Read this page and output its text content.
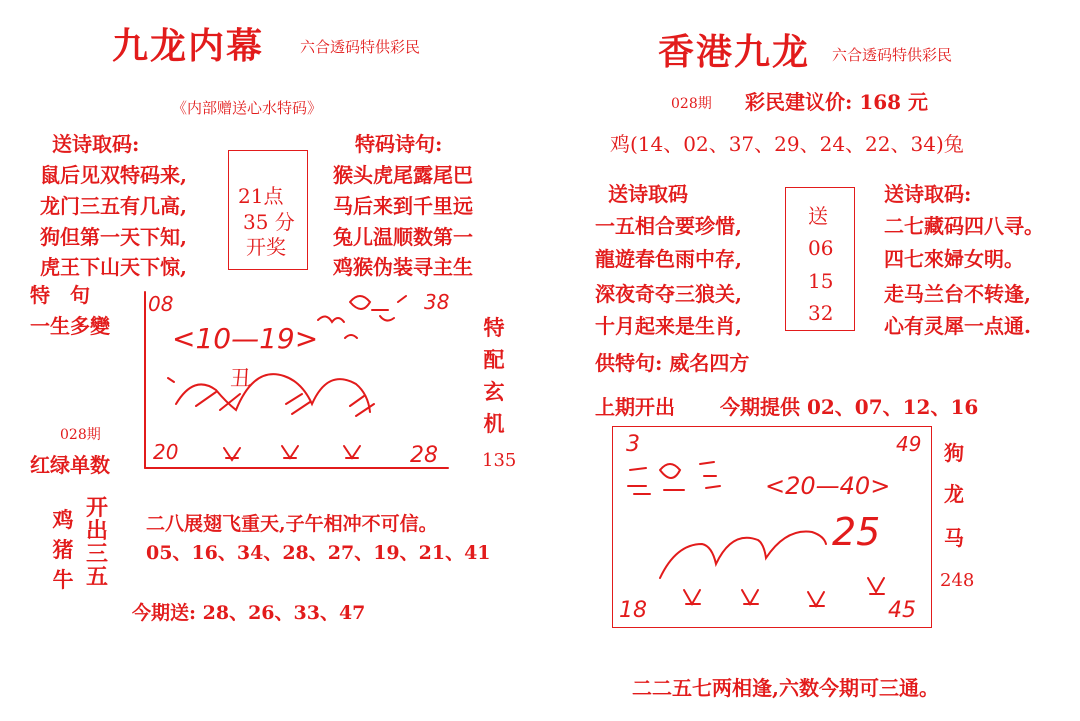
九龙内幕 六合透码特供彩民
《内部赠送心水特码》
送诗取码:
鼠后见双特码来,
龙门三五有几高,
狗但第一天下知,
虎王下山天下惊,
21点
35 分
开奖
特码诗句:
猴头虎尾露尾巴
马后来到千里远
兔儿温顺数第一
鸡猴伪装寻主生
特　句
一生多變	特
配
玄
机
028期
红绿单数	135
08	38
<10—19>
丑
20	28
开
出
三
五
鸡
猪
牛
二八展翅飞重天,子午相冲不可信。
05、16、34、28、27、19、21、41
今期送: 28、26、33、47
香港九龙 六合透码特供彩民
028期 彩民建议价: 168 元
鸡(14、02、37、29、24、22、34)兔
送诗取码
一五相合要珍惜,
龍遊春色雨中存,
深夜奇夺三狼关,
十月起来是生肖,
送
06
15
32
送诗取码:
二七藏码四八寻。
四七來婦女明。
走马兰台不转逢,
心有灵犀一点通.
供特句: 威名四方
上期开出 今期提供 02、07、12、16
3	49
<20—40>
25
18	45
狗
龙
马
248
二二五七两相逢,六数今期可三通。
